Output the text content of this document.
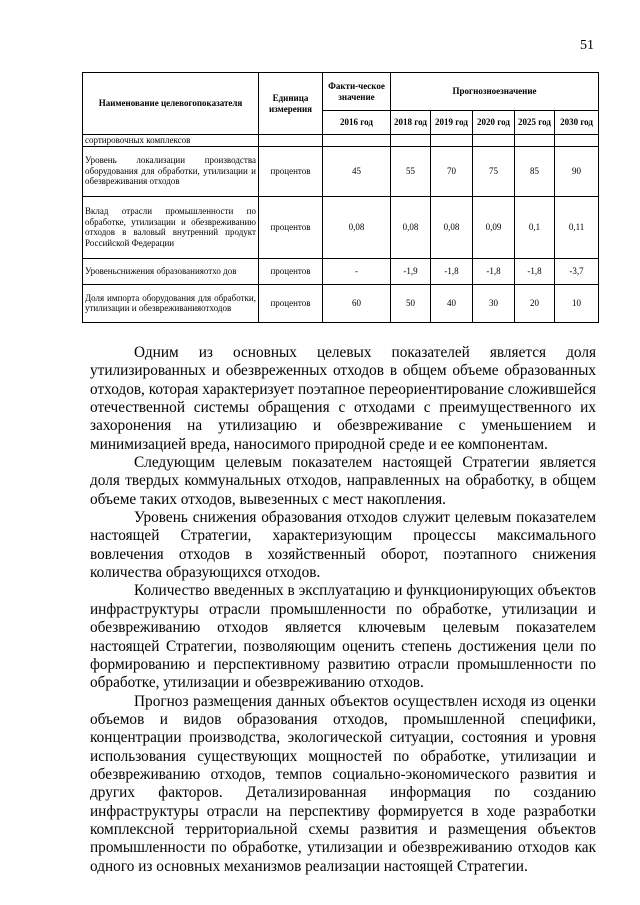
51
Наименование целевогопоказателя	Единица измерения	Факти-ческое значение	Прогнозноезначение				
		2016 год	2018 год	2019 год	2020 год	2025 год	2030 год
сортировочных комплексов							
Уровень локализации производства оборудования для обработки, утилизации и обезвреживания отходов	процентов	45	55	70	75	85	90
Вклад отрасли промышленности по обработке, утилизации и обезвреживанию отходов в валовый внутренний продукт Российской Федерации	процентов	0,08	0,08	0,08	0,09	0,1	0,11
Уровеньснижения образованияотхо дов	процентов	-	-1,9	-1,8	-1,8	-1,8	-3,7
Доля импорта оборудования для обработки, утилизации и обезвреживанияотходов	процентов	60	50	40	30	20	10

Одним из основных целевых показателей является доля утилизированных и обезвреженных отходов в общем объеме образованных отходов, которая характеризует поэтапное переориентирование сложившейся отечественной системы обращения с отходами с преимущественного их захоронения на утилизацию и обезвреживание с уменьшением и минимизацией вреда, наносимого природной среде и ее компонентам.

Следующим целевым показателем настоящей Стратегии является доля твердых коммунальных отходов, направленных на обработку, в общем объеме таких отходов, вывезенных с мест накопления.

Уровень снижения образования отходов служит целевым показателем настоящей Стратегии, характеризующим процессы максимального вовлечения отходов в хозяйственный оборот, поэтапного снижения количества образующихся отходов.

Количество введенных в эксплуатацию и функционирующих объектов инфраструктуры отрасли промышленности по обработке, утилизации и обезвреживанию отходов является ключевым целевым показателем настоящей Стратегии, позволяющим оценить степень достижения цели по формированию и перспективному развитию отрасли промышленности по обработке, утилизации и обезвреживанию отходов.

Прогноз размещения данных объектов осуществлен исходя из оценки объемов и видов образования отходов, промышленной специфики, концентрации производства, экологической ситуации, состояния и уровня использования существующих мощностей по обработке, утилизации и обезвреживанию отходов, темпов социально-экономического развития и других факторов. Детализированная информация по созданию инфраструктуры отрасли на перспективу формируется в ходе разработки комплексной территориальной схемы развития и размещения объектов промышленности по обработке, утилизации и обезвреживанию отходов как одного из основных механизмов реализации настоящей Стратегии.
